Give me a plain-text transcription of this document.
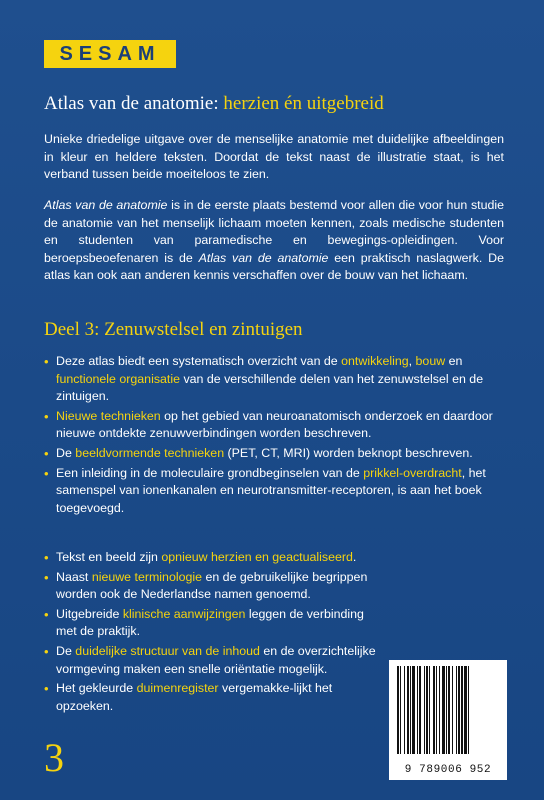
SESAM
Atlas van de anatomie: herzien én uitgebreid

Unieke driedelige uitgave over de menselijke anatomie met duidelijke afbeeldingen in kleur en heldere teksten. Doordat de tekst naast de illustratie staat, is het verband tussen beide moeiteloos te zien.

Atlas van de anatomie is in de eerste plaats bestemd voor allen die voor hun studie de anatomie van het menselijk lichaam moeten kennen, zoals medische studenten en studenten van paramedische en bewegings-opleidingen. Voor beroepsbeoefenaren is de Atlas van de anatomie een praktisch naslagwerk. De atlas kan ook aan anderen kennis verschaffen over de bouw van het lichaam.

Deel 3: Zenuwstelsel en zintuigen
• Deze atlas biedt een systematisch overzicht van de ontwikkeling, bouw en functionele organisatie van de verschillende delen van het zenuwstelsel en de zintuigen.
• Nieuwe technieken op het gebied van neuroanatomisch onderzoek en daardoor nieuwe ontdekte zenuwverbindingen worden beschreven.
• De beeldvormende technieken (PET, CT, MRI) worden beknopt beschreven.
• Een inleiding in de moleculaire grondbeginselen van de prikkel-overdracht, het samenspel van ionenkanalen en neurotransmitter-receptoren, is aan het boek toegevoegd.
• Tekst en beeld zijn opnieuw herzien en geactualiseerd.
• Naast nieuwe terminologie en de gebruikelijke begrippen worden ook de Nederlandse namen genoemd.
• Uitgebreide klinische aanwijzingen leggen de verbinding met de praktijk.
• De duidelijke structuur van de inhoud en de overzichtelijke vormgeving maken een snelle oriëntatie mogelijk.
• Het gekleurde duimenregister vergemakke-lijkt het opzoeken.
9 789006 952
3
